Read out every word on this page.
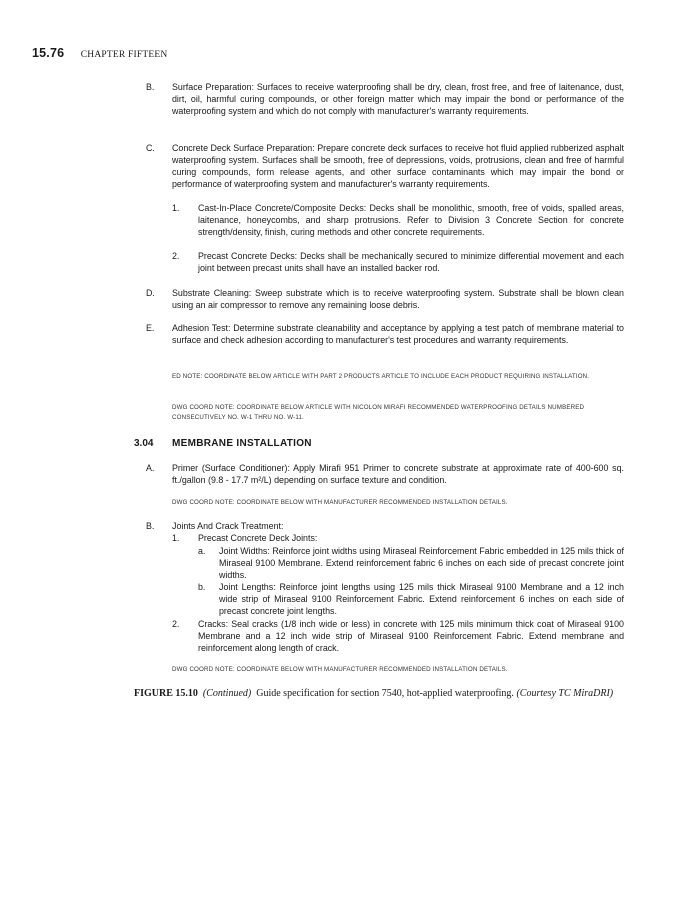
15.76 CHAPTER FIFTEEN
B. Surface Preparation: Surfaces to receive waterproofing shall be dry, clean, frost free, and free of laitenance, dust, dirt, oil, harmful curing compounds, or other foreign matter which may impair the bond or performance of the waterproofing system and which do not comply with manufacturer's warranty requirements.
C. Concrete Deck Surface Preparation: Prepare concrete deck surfaces to receive hot fluid applied rubberized asphalt waterproofing system. Surfaces shall be smooth, free of depressions, voids, protrusions, clean and free of harmful curing compounds, form release agents, and other surface contaminants which may impair the bond or performance of waterproofing system and manufacturer's warranty requirements.
1. Cast-In-Place Concrete/Composite Decks: Decks shall be monolithic, smooth, free of voids, spalled areas, laitenance, honeycombs, and sharp protrusions. Refer to Division 3 Concrete Section for concrete strength/density, finish, curing methods and other concrete requirements.
2. Precast Concrete Decks: Decks shall be mechanically secured to minimize differential movement and each joint between precast units shall have an installed backer rod.
D. Substrate Cleaning: Sweep substrate which is to receive waterproofing system. Substrate shall be blown clean using an air compressor to remove any remaining loose debris.
E. Adhesion Test: Determine substrate cleanability and acceptance by applying a test patch of membrane material to surface and check adhesion according to manufacturer's test procedures and warranty requirements.
ED NOTE: COORDINATE BELOW ARTICLE WITH PART 2 PRODUCTS ARTICLE TO INCLUDE EACH PRODUCT REQUIRING INSTALLATION.
DWG COORD NOTE: COORDINATE BELOW ARTICLE WITH NICOLON MIRAFI RECOMMENDED WATERPROOFING DETAILS NUMBERED CONSECUTIVELY NO. W-1 THRU NO. W-11.
3.04 MEMBRANE INSTALLATION
A. Primer (Surface Conditioner): Apply Mirafi 951 Primer to concrete substrate at approximate rate of 400-600 sq. ft./gallon (9.8 - 17.7 m²/L) depending on surface texture and condition.
DWG COORD NOTE: COORDINATE BELOW WITH MANUFACTURER RECOMMENDED INSTALLATION DETAILS.
B. Joints And Crack Treatment:
1. Precast Concrete Deck Joints:
a. Joint Widths: Reinforce joint widths using Miraseal Reinforcement Fabric embedded in 125 mils thick of Miraseal 9100 Membrane. Extend reinforcement fabric 6 inches on each side of precast concrete joint widths.
b. Joint Lengths: Reinforce joint lengths using 125 mils thick Miraseal 9100 Membrane and a 12 inch wide strip of Miraseal 9100 Reinforcement Fabric. Extend reinforcement 6 inches on each side of precast concrete joint lengths.
2. Cracks: Seal cracks (1/8 inch wide or less) in concrete with 125 mils minimum thick coat of Miraseal 9100 Membrane and a 12 inch wide strip of Miraseal 9100 Reinforcement Fabric. Extend membrane and reinforcement along length of crack.
DWG COORD NOTE: COORDINATE BELOW WITH MANUFACTURER RECOMMENDED INSTALLATION DETAILS.
FIGURE 15.10 (Continued) Guide specification for section 7540, hot-applied waterproofing. (Courtesy TC MiraDRI)
